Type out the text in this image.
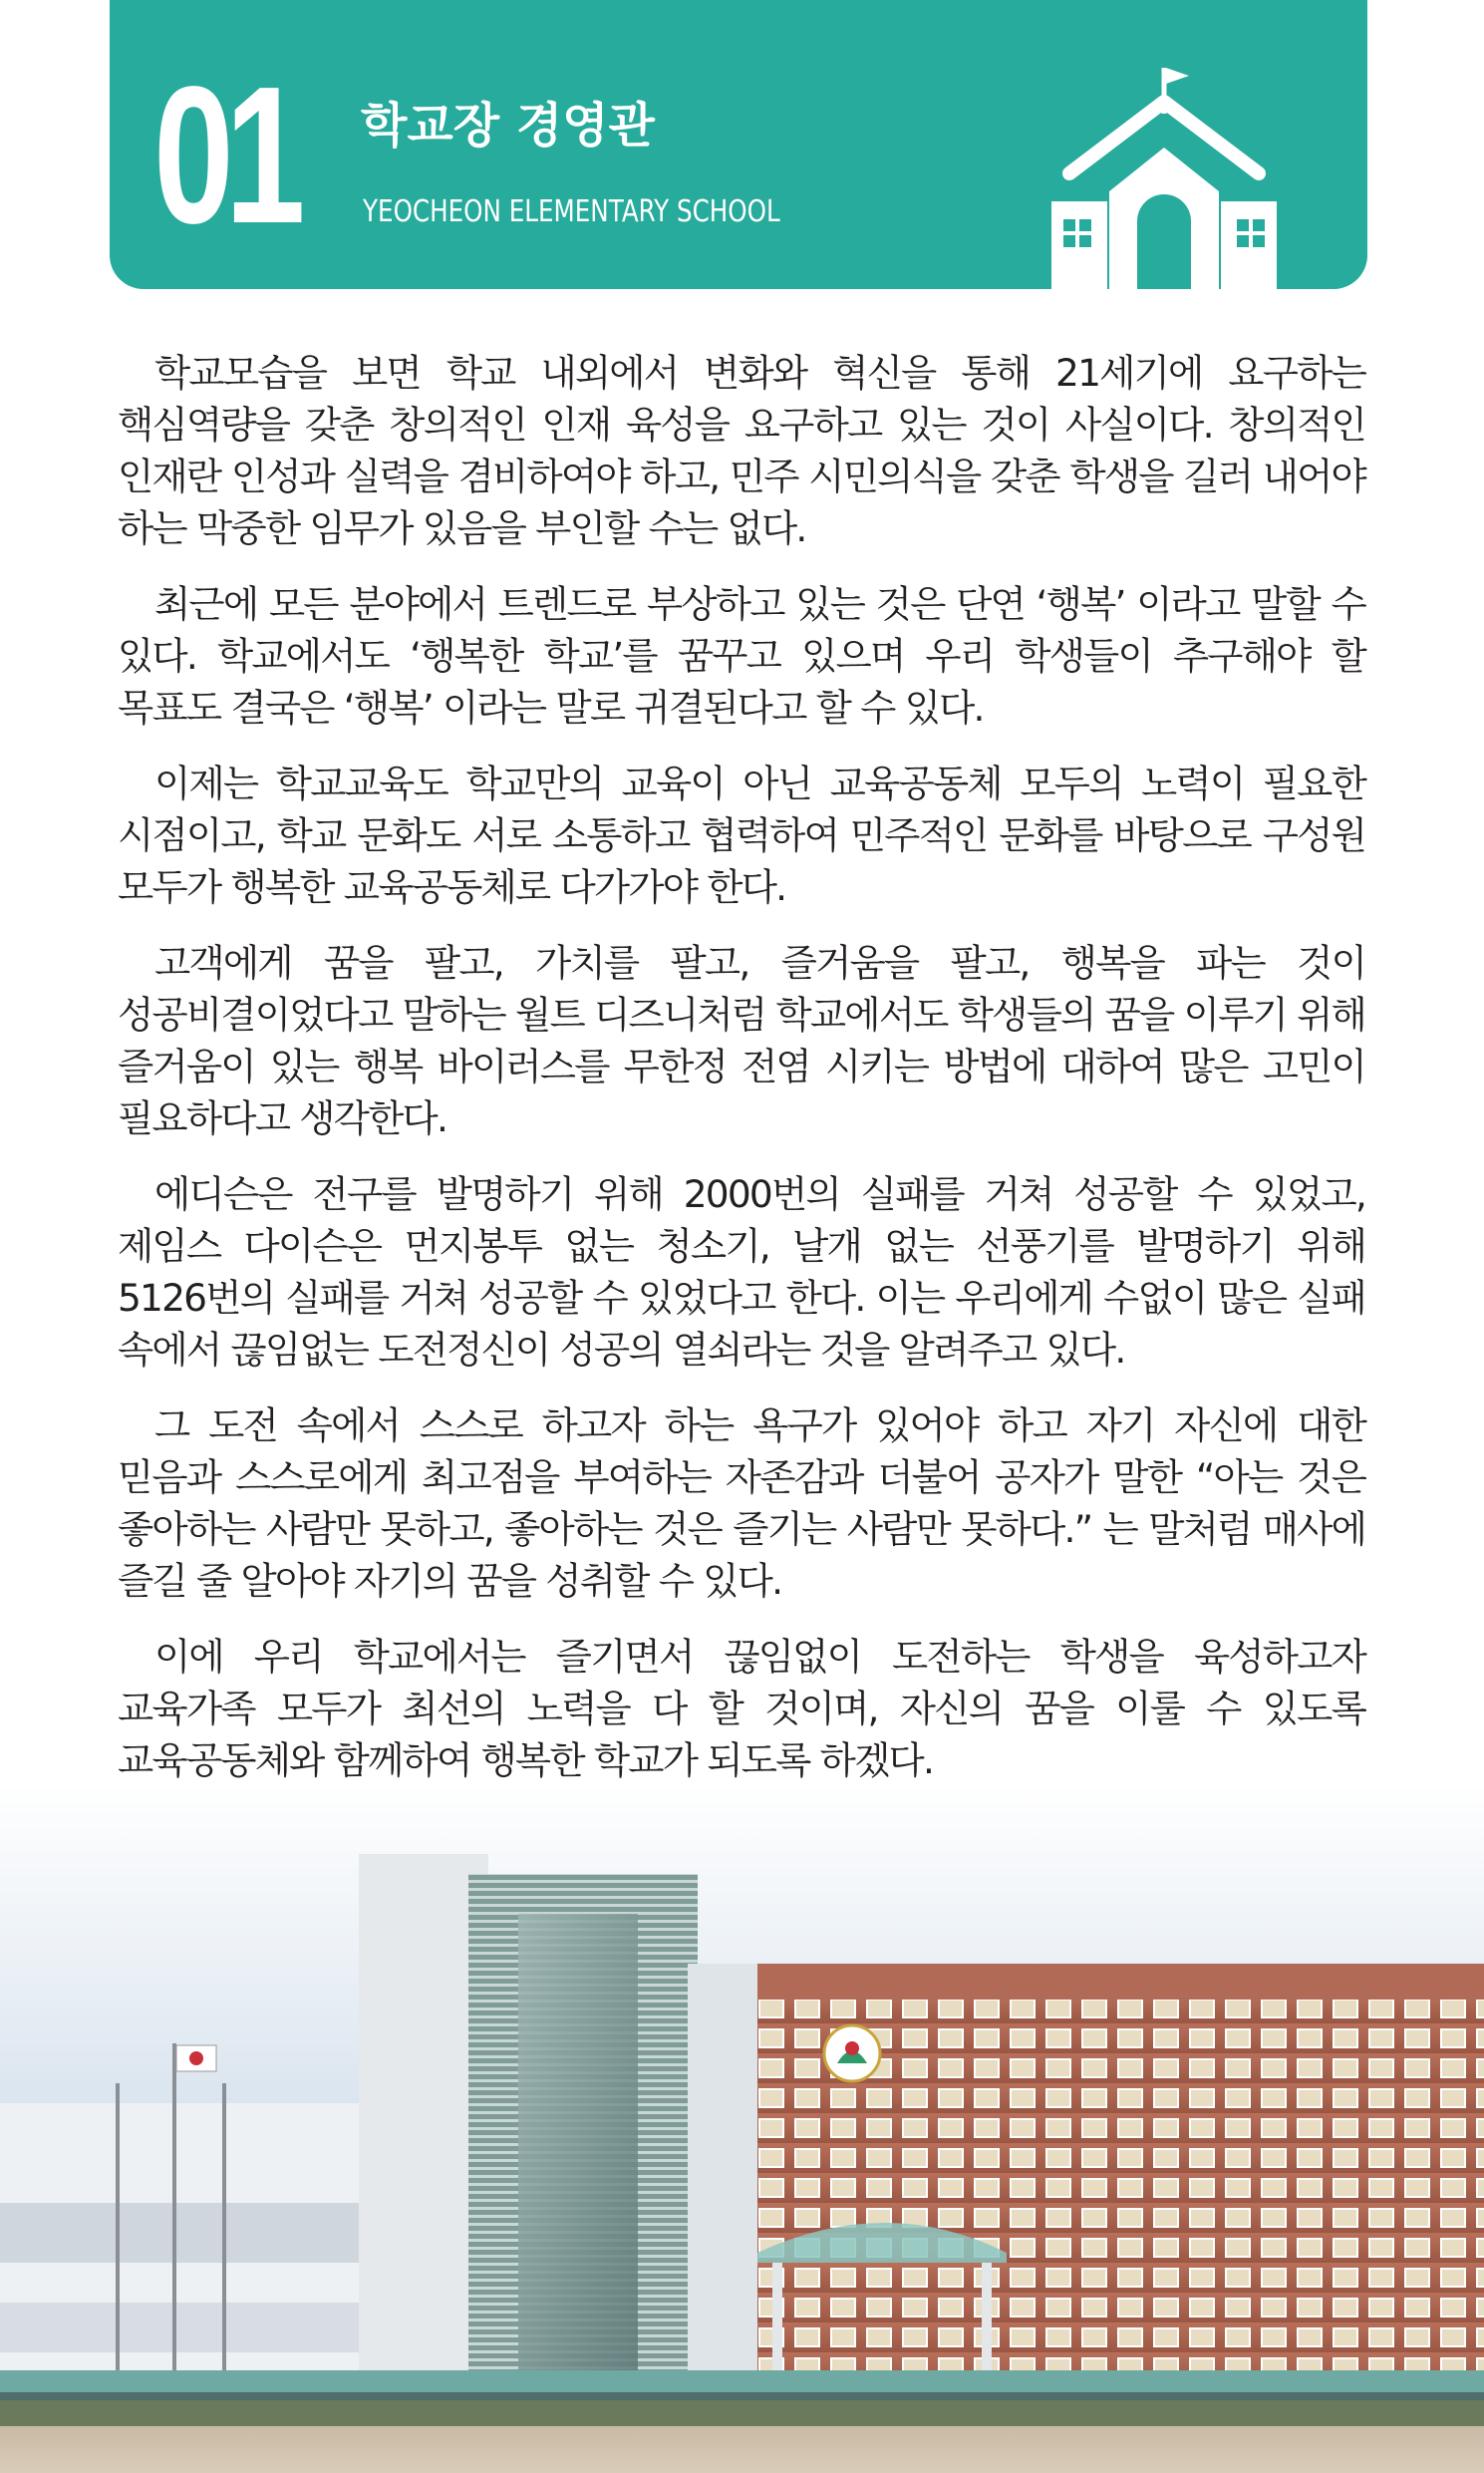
01 학교장 경영관
YEOCHEON ELEMENTARY SCHOOL

학교모습을 보면 학교 내외에서 변화와 혁신을 통해 21세기에 요구하는 핵심역량을 갖춘 창의적인 인재 육성을 요구하고 있는 것이 사실이다. 창의적인 인재란 인성과 실력을 겸비하여야 하고, 민주 시민의식을 갖춘 학생을 길러 내어야 하는 막중한 임무가 있음을 부인할 수는 없다.

최근에 모든 분야에서 트렌드로 부상하고 있는 것은 단연 ‘행복’ 이라고 말할 수 있다. 학교에서도 ‘행복한 학교’를 꿈꾸고 있으며 우리 학생들이 추구해야 할 목표도 결국은 ‘행복’ 이라는 말로 귀결된다고 할 수 있다.

이제는 학교교육도 학교만의 교육이 아닌 교육공동체 모두의 노력이 필요한 시점이고, 학교 문화도 서로 소통하고 협력하여 민주적인 문화를 바탕으로 구성원 모두가 행복한 교육공동체로 다가가야 한다.

고객에게 꿈을 팔고, 가치를 팔고, 즐거움을 팔고, 행복을 파는 것이 성공비결이었다고 말하는 월트 디즈니처럼 학교에서도 학생들의 꿈을 이루기 위해 즐거움이 있는 행복 바이러스를 무한정 전염 시키는 방법에 대하여 많은 고민이 필요하다고 생각한다.

에디슨은 전구를 발명하기 위해 2000번의 실패를 거쳐 성공할 수 있었고, 제임스 다이슨은 먼지봉투 없는 청소기, 날개 없는 선풍기를 발명하기 위해 5126번의 실패를 거쳐 성공할 수 있었다고 한다. 이는 우리에게 수없이 많은 실패 속에서 끊임없는 도전정신이 성공의 열쇠라는 것을 알려주고 있다.

그 도전 속에서 스스로 하고자 하는 욕구가 있어야 하고 자기 자신에 대한 믿음과 스스로에게 최고점을 부여하는 자존감과 더불어 공자가 말한 “아는 것은 좋아하는 사람만 못하고, 좋아하는 것은 즐기는 사람만 못하다.” 는 말처럼 매사에 즐길 줄 알아야 자기의 꿈을 성취할 수 있다.

이에 우리 학교에서는 즐기면서 끊임없이 도전하는 학생을 육성하고자 교육가족 모두가 최선의 노력을 다 할 것이며, 자신의 꿈을 이룰 수 있도록 교육공동체와 함께하여 행복한 학교가 되도록 하겠다.
